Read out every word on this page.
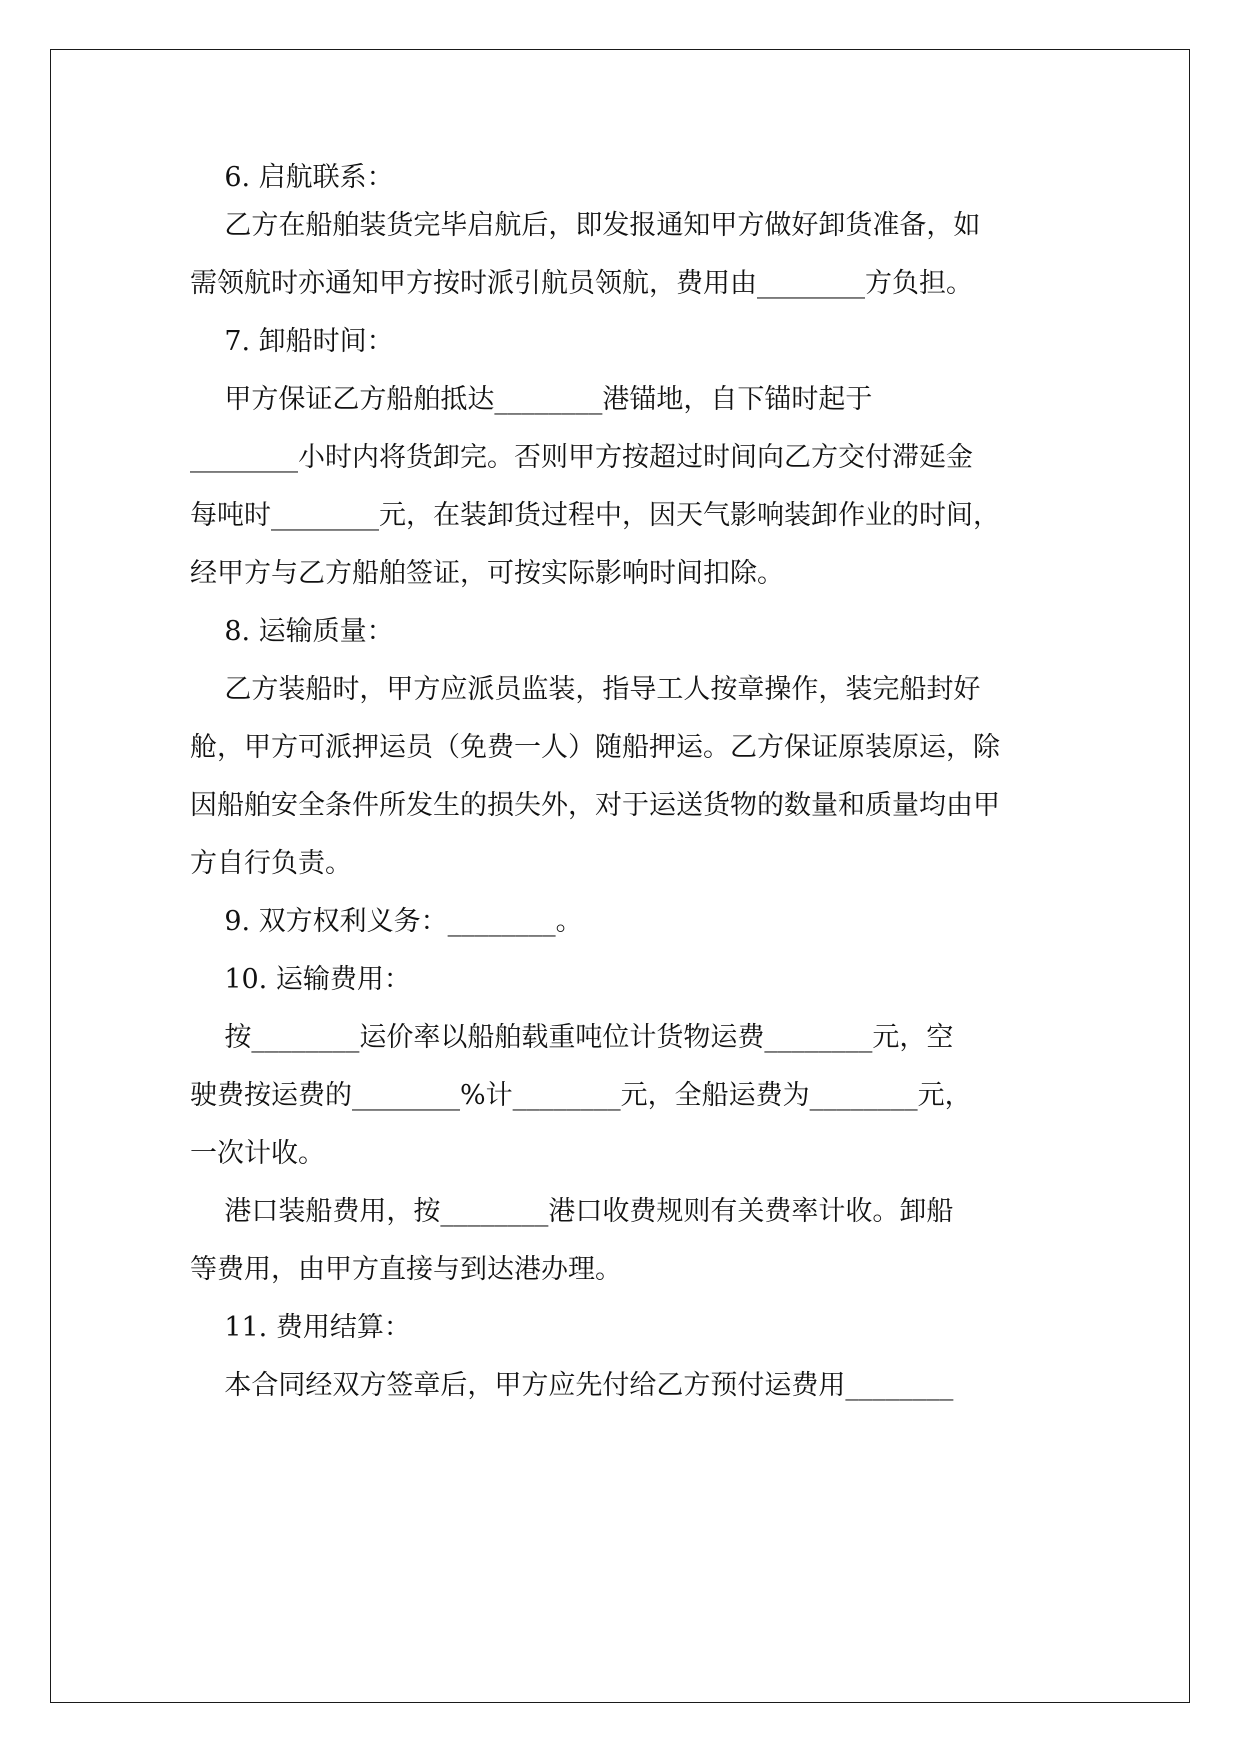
6. 启航联系：
乙方在船舶装货完毕启航后，即发报通知甲方做好卸货准备，如
需领航时亦通知甲方按时派引航员领航，费用由________方负担。
7. 卸船时间：
甲方保证乙方船舶抵达________港锚地，自下锚时起于
________小时内将货卸完。否则甲方按超过时间向乙方交付滞延金
每吨时________元，在装卸货过程中，因天气影响装卸作业的时间，
经甲方与乙方船舶签证，可按实际影响时间扣除。
8. 运输质量：
乙方装船时，甲方应派员监装，指导工人按章操作，装完船封好
舱，甲方可派押运员（免费一人）随船押运。乙方保证原装原运，除
因船舶安全条件所发生的损失外，对于运送货物的数量和质量均由甲
方自行负责。
9. 双方权利义务：________。
10. 运输费用：
按________运价率以船舶载重吨位计货物运费________元，空
驶费按运费的________%计________元，全船运费为________元，
一次计收。
港口装船费用，按________港口收费规则有关费率计收。卸船
等费用，由甲方直接与到达港办理。
11. 费用结算：
本合同经双方签章后，甲方应先付给乙方预付运费用________
